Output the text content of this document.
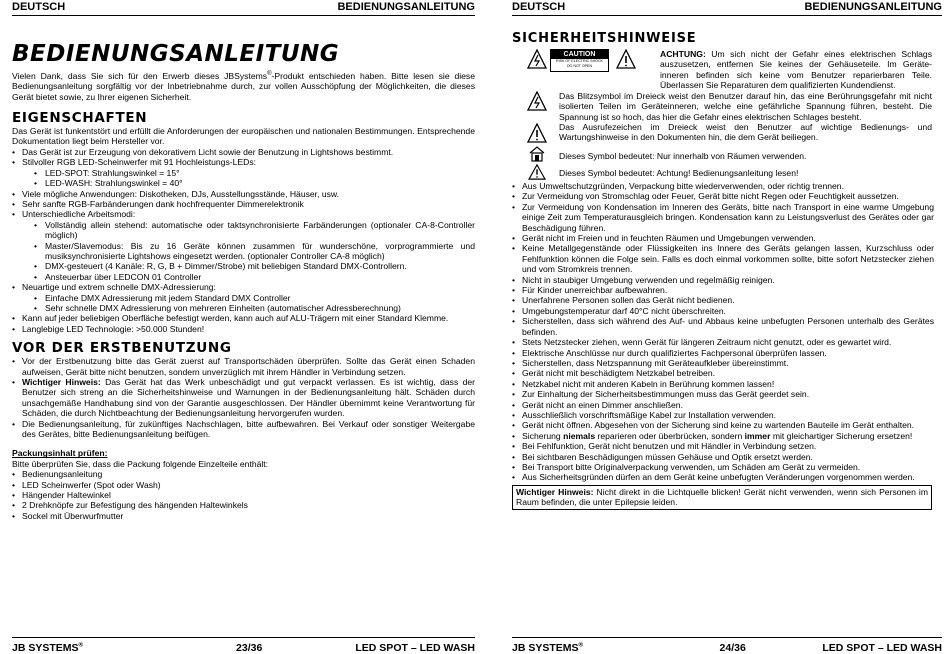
DEUTSCH	BEDIENUNGSANLEITUNG
BEDIENUNGSANLEITUNG
Vielen Dank, dass Sie sich für den Erwerb dieses JBSystems®-Produkt entschieden haben. Bitte lesen sie diese Bedienungsanleitung sorgfältig vor der Inbetriebnahme durch, zur vollen Ausschöpfung der Möglichkeiten, die dieses Gerät bietet sowie, zu Ihrer eigenen Sicherheit.
EIGENSCHAFTEN
Das Gerät ist funkentstört und erfüllt die Anforderungen der europäischen und nationalen Bestimmungen. Entsprechende Dokumentation liegt beim Hersteller vor.
• Das Gerät ist zur Erzeugung von dekorativem Licht sowie der Benutzung in Lightshows bestimmt.
• Stilvoller RGB LED-Scheinwerfer mit 91 Hochleistungs-LEDs:
• LED-SPOT: Strahlungswinkel = 15°
• LED-WASH: Strahlungswinkel = 40°
• Viele mögliche Anwendungen: Diskotheken, DJs, Ausstellungsstände, Häuser, usw.
• Sehr sanfte RGB-Farbänderungen dank hochfrequenter Dimmerelektronik
• Unterschiedliche Arbeitsmodi:
• Vollständig allein stehend: automatische oder taktsynchronisierte Farbänderungen (optionaler CA-8-Controller möglich)
• Master/Slavemodus: Bis zu 16 Geräte können zusammen für wunderschöne, vorprogrammierte und musiksynchronisierte Lightshows eingesetzt werden. (optionaler Controller CA-8 möglich)
• DMX-gesteuert (4 Kanäle: R, G, B + Dimmer/Strobe) mit beliebigen Standard DMX-Controllern.
• Ansteuerbar über LEDCON 01 Controller
• Neuartige und extrem schnelle DMX-Adressierung:
• Einfache DMX Adressierung mit jedem Standard DMX Controller
• Sehr schnelle DMX Adressierung von mehreren Einheiten (automatischer Adressberechnung)
• Kann auf jeder beliebigen Oberfläche befestigt werden, kann auch auf ALU-Trägern mit einer Standard Klemme.
• Langlebige LED Technologie: >50.000 Stunden!
VOR DER ERSTBENUTZUNG
• Vor der Erstbenutzung bitte das Gerät zuerst auf Transportschäden überprüfen. Sollte das Gerät einen Schaden aufweisen, Gerät bitte nicht benutzen, sondern unverzüglich mit ihrem Händler in Verbindung setzen.
• Wichtiger Hinweis: Das Gerät hat das Werk unbeschädigt und gut verpackt verlassen. Es ist wichtig, dass der Benutzer sich streng an die Sicherheitshinweise und Warnungen in der Bedienungsanleitung hält. Schäden durch unsachgemäße Handhabung sind von der Garantie ausgeschlossen. Der Händler übernimmt keine Verantwortung für Schäden, die durch Nichtbeachtung der Bedienungsanleitung hervorgerufen wurden.
• Die Bedienungsanleitung, für zukünftiges Nachschlagen, bitte aufbewahren. Bei Verkauf oder sonstiger Weitergabe des Gerätes, bitte Bedienungsanleitung beifügen.
Packungsinhalt prüfen:
Bitte überprüfen Sie, dass die Packung folgende Einzelteile enthält:
• Bedienungsanleitung
• LED Scheinwerfer (Spot oder Wash)
• Hängender Haltewinkel
• 2 Drehknöpfe zur Befestigung des hängenden Haltewinkels
• Sockel mit Überwurfmutter
JB SYSTEMS®	23/36	LED SPOT – LED WASH
DEUTSCH	BEDIENUNGSANLEITUNG
SICHERHEITSHINWEISE
CAUTION
RISK OF ELECTRIC SHOCK
DO NOT OPEN
ACHTUNG: Um sich nicht der Gefahr eines elektrischen Schlags auszusetzen, entfernen Sie keines der Gehäuseteile. Im Geräte-inneren befinden sich keine vom Benutzer reparierbaren Teile. Überlassen Sie Reparaturen dem qualifizierten Kundendienst.
Das Blitzsymbol im Dreieck weist den Benutzer darauf hin, das eine Berührungsgefahr mit nicht isolierten Teilen im Geräteinneren, welche eine gefährliche Spannung führen, besteht. Die Spannung ist so hoch, das hier die Gefahr eines elektrischen Schlages besteht.
Das Ausrufezeichen im Dreieck weist den Benutzer auf wichtige Bedienungs- und Wartungshinweise in den Dokumenten hin, die dem Gerät beiliegen.
Dieses Symbol bedeutet: Nur innerhalb von Räumen verwenden.
Dieses Symbol bedeutet: Achtung! Bedienungsanleitung lesen!
• Aus Umweltschutzgründen, Verpackung bitte wiederverwenden, oder richtig trennen.
• Zur Vermeidung von Stromschlag oder Feuer, Gerät bitte nicht Regen oder Feuchtigkeit aussetzen.
• Zur Vermeidung von Kondensation im Inneren des Geräts, bitte nach Transport in eine warme Umgebung einige Zeit zum Temperaturausgleich bringen. Kondensation kann zu Leistungsverlust des Gerätes oder gar Beschädigung führen.
• Gerät nicht im Freien und in feuchten Räumen und Umgebungen verwenden.
• Keine Metallgegenstände oder Flüssigkeiten ins Innere des Geräts gelangen lassen, Kurzschluss oder Fehlfunktion können die Folge sein. Falls es doch einmal vorkommen sollte, bitte sofort Netzstecker ziehen und vom Stromkreis trennen.
• Nicht in staubiger Umgebung verwenden und regelmäßig reinigen.
• Für Kinder unerreichbar aufbewahren.
• Unerfahrene Personen sollen das Gerät nicht bedienen.
• Umgebungstemperatur darf 40°C nicht überschreiten.
• Sicherstellen, dass sich während des Auf- und Abbaus keine unbefugten Personen unterhalb des Gerätes befinden.
• Stets Netzstecker ziehen, wenn Gerät für längeren Zeitraum nicht genutzt, oder es gewartet wird.
• Elektrische Anschlüsse nur durch qualifiziertes Fachpersonal überprüfen lassen.
• Sicherstellen, dass Netzspannung mit Geräteaufkleber übereinstimmt.
• Gerät nicht mit beschädigtem Netzkabel betreiben.
• Netzkabel nicht mit anderen Kabeln in Berührung kommen lassen!
• Zur Einhaltung der Sicherheitsbestimmungen muss das Gerät geerdet sein.
• Gerät nicht an einen Dimmer anschließen.
• Ausschließlich vorschriftsmäßige Kabel zur Installation verwenden.
• Gerät nicht öffnen. Abgesehen von der Sicherung sind keine zu wartenden Bauteile im Gerät enthalten.
• Sicherung niemals reparieren oder überbrücken, sondern immer mit gleichartiger Sicherung ersetzen!
• Bei Fehlfunktion, Gerät nicht benutzen und mit Händler in Verbindung setzen.
• Bei sichtbaren Beschädigungen müssen Gehäuse und Optik ersetzt werden.
• Bei Transport bitte Originalverpackung verwenden, um Schäden am Gerät zu vermeiden.
• Aus Sicherheitsgründen dürfen an dem Gerät keine unbefugten Veränderungen vorgenommen werden.
Wichtiger Hinweis: Nicht direkt in die Lichtquelle blicken! Gerät nicht verwenden, wenn sich Personen im Raum befinden, die unter Epilepsie leiden.
JB SYSTEMS®	24/36	LED SPOT – LED WASH
